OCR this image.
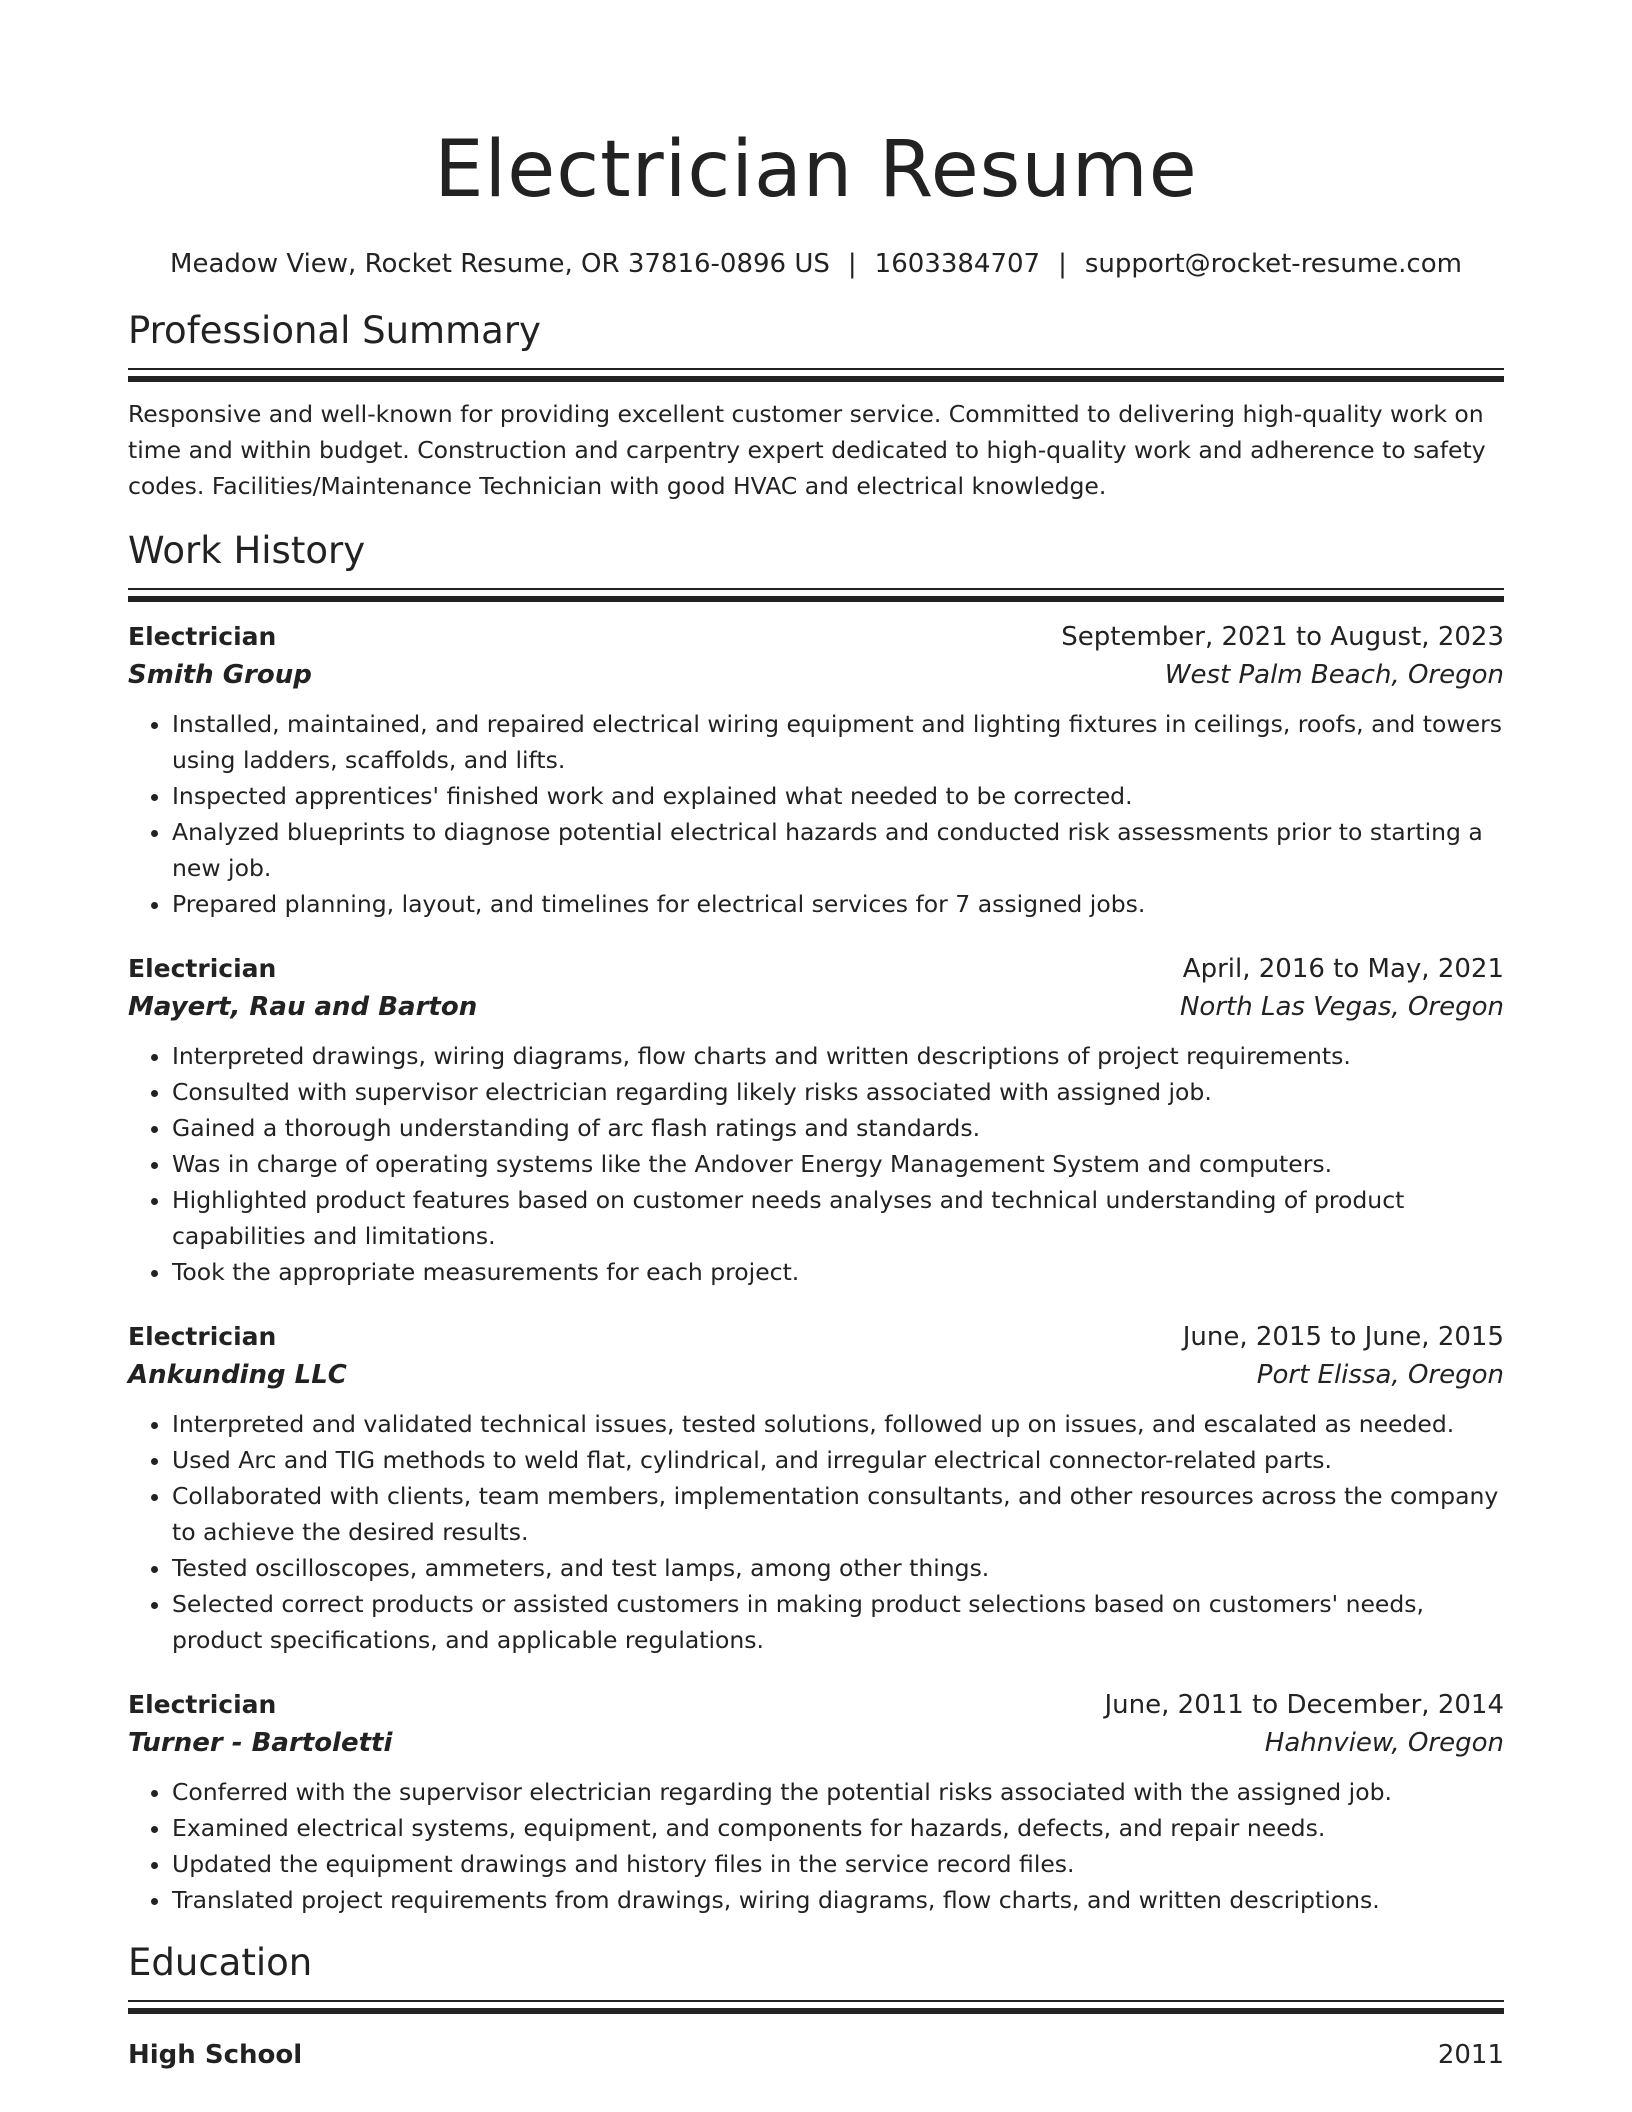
Electrician Resume
Meadow View, Rocket Resume, OR 37816-0896 US | 1603384707 | support@rocket-resume.com
Professional Summary

Responsive and well-known for providing excellent customer service. Committed to delivering high-quality work on time and within budget. Construction and carpentry expert dedicated to high-quality work and adherence to safety codes. Facilities/Maintenance Technician with good HVAC and electrical knowledge.

Work History
Electrician	September, 2021 to August, 2023
Smith Group	West Palm Beach, Oregon
• Installed, maintained, and repaired electrical wiring equipment and lighting fixtures in ceilings, roofs, and towers using ladders, scaffolds, and lifts.
• Inspected apprentices' finished work and explained what needed to be corrected.
• Analyzed blueprints to diagnose potential electrical hazards and conducted risk assessments prior to starting a new job.
• Prepared planning, layout, and timelines for electrical services for 7 assigned jobs.
Electrician	April, 2016 to May, 2021
Mayert, Rau and Barton	North Las Vegas, Oregon
• Interpreted drawings, wiring diagrams, flow charts and written descriptions of project requirements.
• Consulted with supervisor electrician regarding likely risks associated with assigned job.
• Gained a thorough understanding of arc flash ratings and standards.
• Was in charge of operating systems like the Andover Energy Management System and computers.
• Highlighted product features based on customer needs analyses and technical understanding of product capabilities and limitations.
• Took the appropriate measurements for each project.
Electrician	June, 2015 to June, 2015
Ankunding LLC	Port Elissa, Oregon
• Interpreted and validated technical issues, tested solutions, followed up on issues, and escalated as needed.
• Used Arc and TIG methods to weld flat, cylindrical, and irregular electrical connector-related parts.
• Collaborated with clients, team members, implementation consultants, and other resources across the company to achieve the desired results.
• Tested oscilloscopes, ammeters, and test lamps, among other things.
• Selected correct products or assisted customers in making product selections based on customers' needs, product specifications, and applicable regulations.
Electrician	June, 2011 to December, 2014
Turner - Bartoletti	Hahnview, Oregon
• Conferred with the supervisor electrician regarding the potential risks associated with the assigned job.
• Examined electrical systems, equipment, and components for hazards, defects, and repair needs.
• Updated the equipment drawings and history files in the service record files.
• Translated project requirements from drawings, wiring diagrams, flow charts, and written descriptions.
Education
High School	2011
